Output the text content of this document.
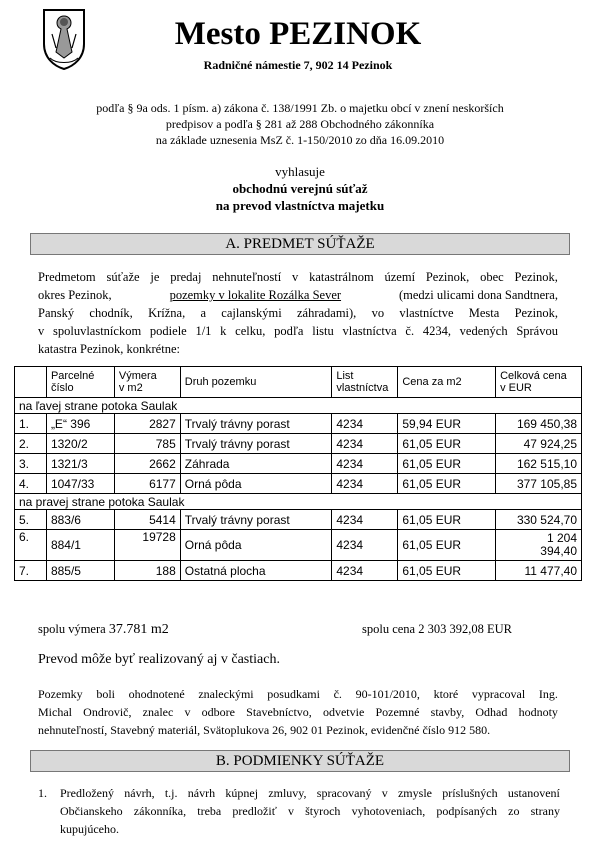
Mesto PEZINOK
Radničné námestie 7, 902 14 Pezinok
podľa § 9a ods. 1 písm. a) zákona č. 138/1991 Zb. o majetku obcí v znení neskorších
predpisov a podľa § 281 až 288 Obchodného zákonníka
na základe uznesenia MsZ č. 1-150/2010 zo dňa 16.09.2010
vyhlasuje
obchodnú verejnú súťaž
na prevod vlastníctva majetku
A. PREDMET SÚŤAŽE
Predmetom súťaže je predaj nehnuteľností v katastrálnom území Pezinok, obec Pezinok,
okres Pezinok,	pozemky v lokalite Rozálka Sever	(medzi ulicami dona Sandtnera,
Panský chodník, Krížna, a cajlanskými záhradami), vo vlastníctve Mesta Pezinok,
v spoluvlastníckom podiele 1/1 k celku, podľa listu vlastníctva č. 4234, vedených Správou
katastra Pezinok, konkrétne:
	Parcelné
číslo	Výmera
v m2	Druh pozemku	List
vlastníctva	Cena za m2	Celková cena
v EUR
na ľavej strane potoka Saulak						
1.	„E“ 396	2827	Trvalý trávny porast	4234	59,94 EUR	169 450,38
2.	1320/2	785	Trvalý trávny porast	4234	61,05 EUR	47 924,25
3.	1321/3	2662	Záhrada	4234	61,05 EUR	162 515,10
4.	1047/33	6177	Orná pôda	4234	61,05 EUR	377 105,85
na pravej strane potoka Saulak						
5.	883/6	5414	Trvalý trávny porast	4234	61,05 EUR	330 524,70
6.	884/1	19728	Orná pôda	4234	61,05 EUR	1 204
394,40
7.	885/5	188	Ostatná plocha	4234	61,05 EUR	11 477,40
spolu výmera 37.781 m2	spolu cena 2 303 392,08 EUR
Prevod môže byť realizovaný aj v častiach.
Pozemky boli ohodnotené znaleckými posudkami č. 90-101/2010, ktoré vypracoval Ing.
Michal Ondrovič, znalec v odbore Stavebníctvo, odvetvie Pozemné stavby, Odhad hodnoty
nehnuteľností, Stavebný materiál, Svätoplukova 26, 902 01 Pezinok, evidenčné číslo 912 580.
B. PODMIENKY SÚŤAŽE
1. Predložený návrh, t.j. návrh kúpnej zmluvy, spracovaný v zmysle príslušných ustanovení
Občianskeho zákonníka, treba predložiť v štyroch vyhotoveniach, podpísaných zo strany
kupujúceho.
